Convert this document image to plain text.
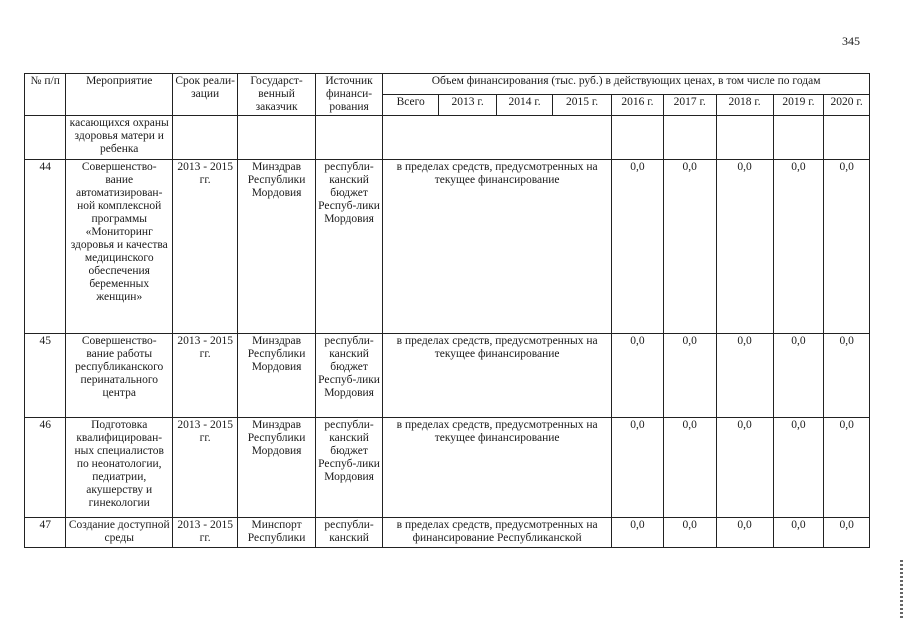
345
№ п/п	Мероприятие	Срок реали-зации	Государст-венный заказчик	Источник финанси-рования	Объем финансирования (тыс. руб.) в действующих ценах, в том числе по годам								
					Всего	2013 г.	2014 г.	2015 г.	2016 г.	2017 г.	2018 г.	2019 г.	2020 г.
	касающихся охраны здоровья матери и ребенка												
44	Совершенство-вание автоматизирован-ной комплексной программы «Мониторинг здоровья и качества медицинского обеспечения беременных женщин»	2013 - 2015 гг.	Минздрав Республики Мордовия	республи-канский бюджет Респуб-лики Мордовия	в пределах средств, предусмотренных на текущее финансирование				0,0	0,0	0,0	0,0	0,0
45	Совершенство-вание работы республиканского перинатального центра	2013 - 2015 гг.	Минздрав Республики Мордовия	республи-канский бюджет Респуб-лики Мордовия	в пределах средств, предусмотренных на текущее финансирование				0,0	0,0	0,0	0,0	0,0
46	Подготовка квалифицирован-ных специалистов по неонатологии, педиатрии, акушерству и гинекологии	2013 - 2015 гг.	Минздрав Республики Мордовия	республи-канский бюджет Респуб-лики Мордовия	в пределах средств, предусмотренных на текущее финансирование				0,0	0,0	0,0	0,0	0,0
47	Создание доступной среды	2013 - 2015 гг.	Минспорт Республики	республи-канский	в пределах средств, предусмотренных на финансирование Республиканской				0,0	0,0	0,0	0,0	0,0
